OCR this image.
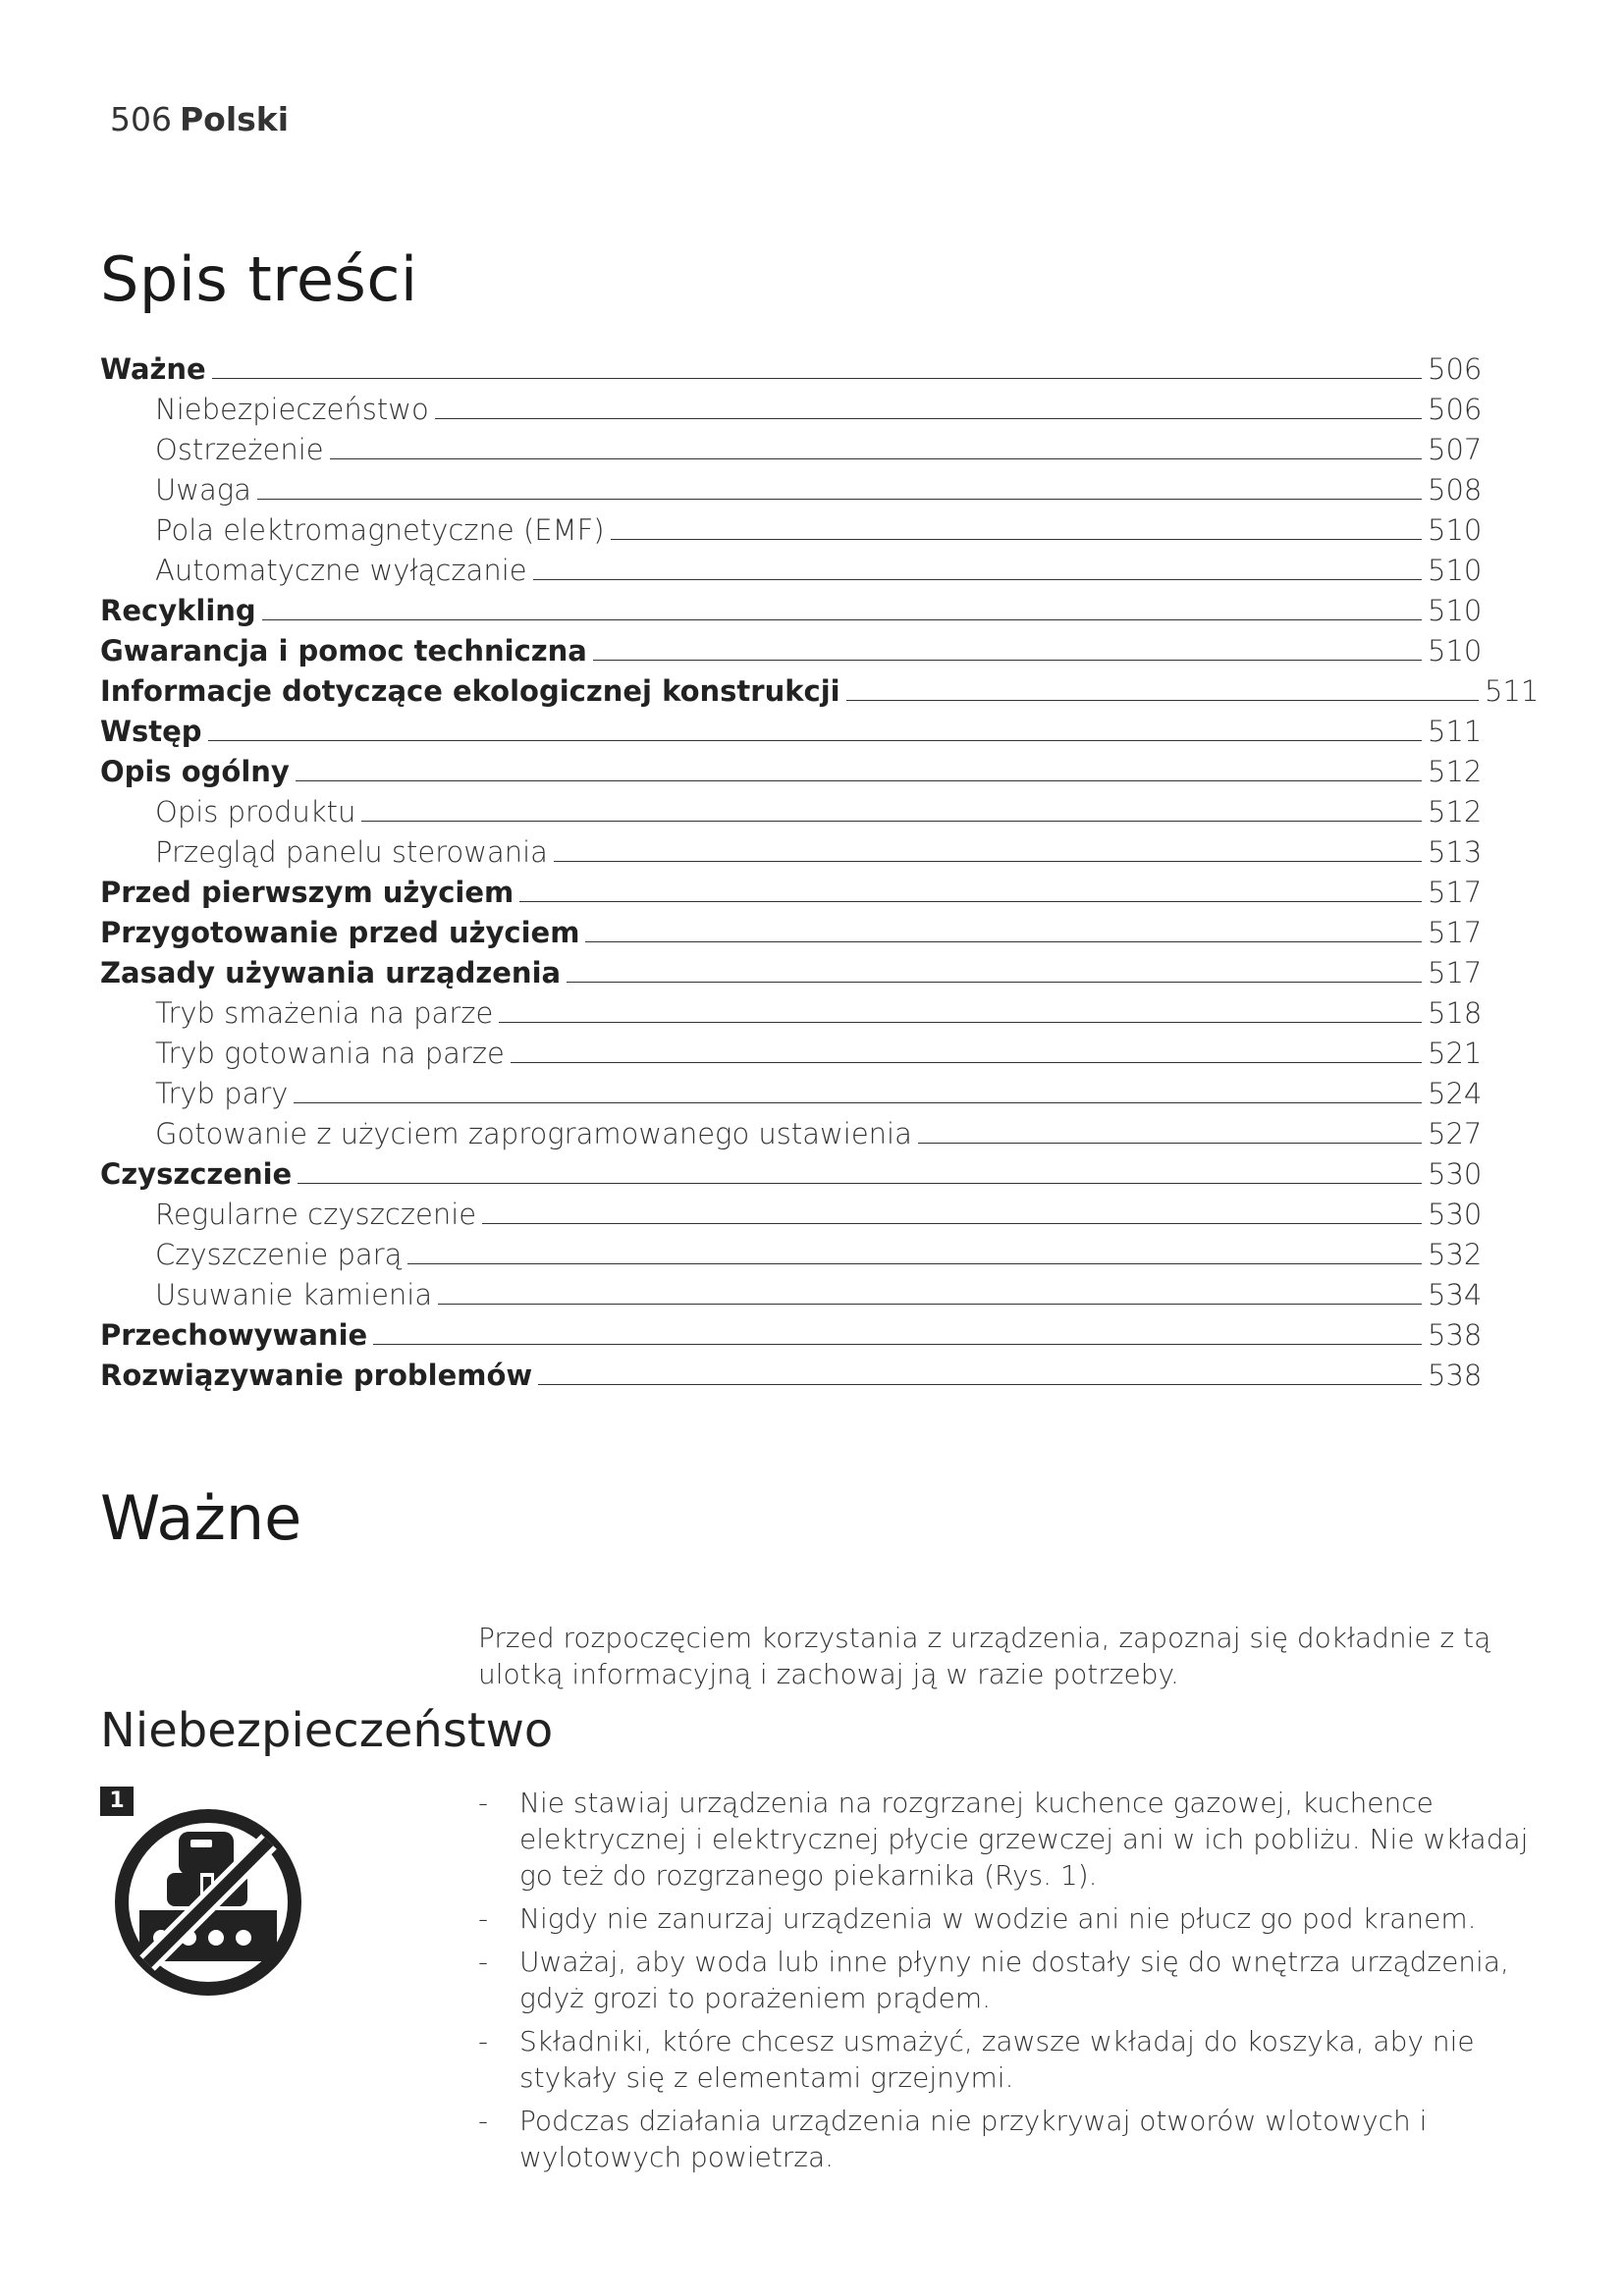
506 Polski
Spis treści
Ważne	506
Niebezpieczeństwo	506
Ostrzeżenie	507
Uwaga	508
Pola elektromagnetyczne (EMF)	510
Automatyczne wyłączanie	510
Recykling	510
Gwarancja i pomoc techniczna	510
Informacje dotyczące ekologicznej konstrukcji	511
Wstęp	511
Opis ogólny	512
Opis produktu	512
Przegląd panelu sterowania	513
Przed pierwszym użyciem	517
Przygotowanie przed użyciem	517
Zasady używania urządzenia	517
Tryb smażenia na parze	518
Tryb gotowania na parze	521
Tryb pary	524
Gotowanie z użyciem zaprogramowanego ustawienia	527
Czyszczenie	530
Regularne czyszczenie	530
Czyszczenie parą	532
Usuwanie kamienia	534
Przechowywanie	538
Rozwiązywanie problemów	538
Ważne

Przed rozpoczęciem korzystania z urządzenia, zapoznaj się dokładnie z tą ulotką informacyjną i zachowaj ją w razie potrzeby.

Niebezpieczeństwo
1	- Nie stawiaj urządzenia na rozgrzanej kuchence gazowej, kuchence elektrycznej i elektrycznej płycie grzewczej ani w ich pobliżu. Nie wkładaj go też do rozgrzanego piekarnika (Rys. 1).
- Nigdy nie zanurzaj urządzenia w wodzie ani nie płucz go pod kranem.
- Uważaj, aby woda lub inne płyny nie dostały się do wnętrza urządzenia, gdyż grozi to porażeniem prądem.
- Składniki, które chcesz usmażyć, zawsze wkładaj do koszyka, aby nie stykały się z elementami grzejnymi.
- Podczas działania urządzenia nie przykrywaj otworów wlotowych i wylotowych powietrza.
